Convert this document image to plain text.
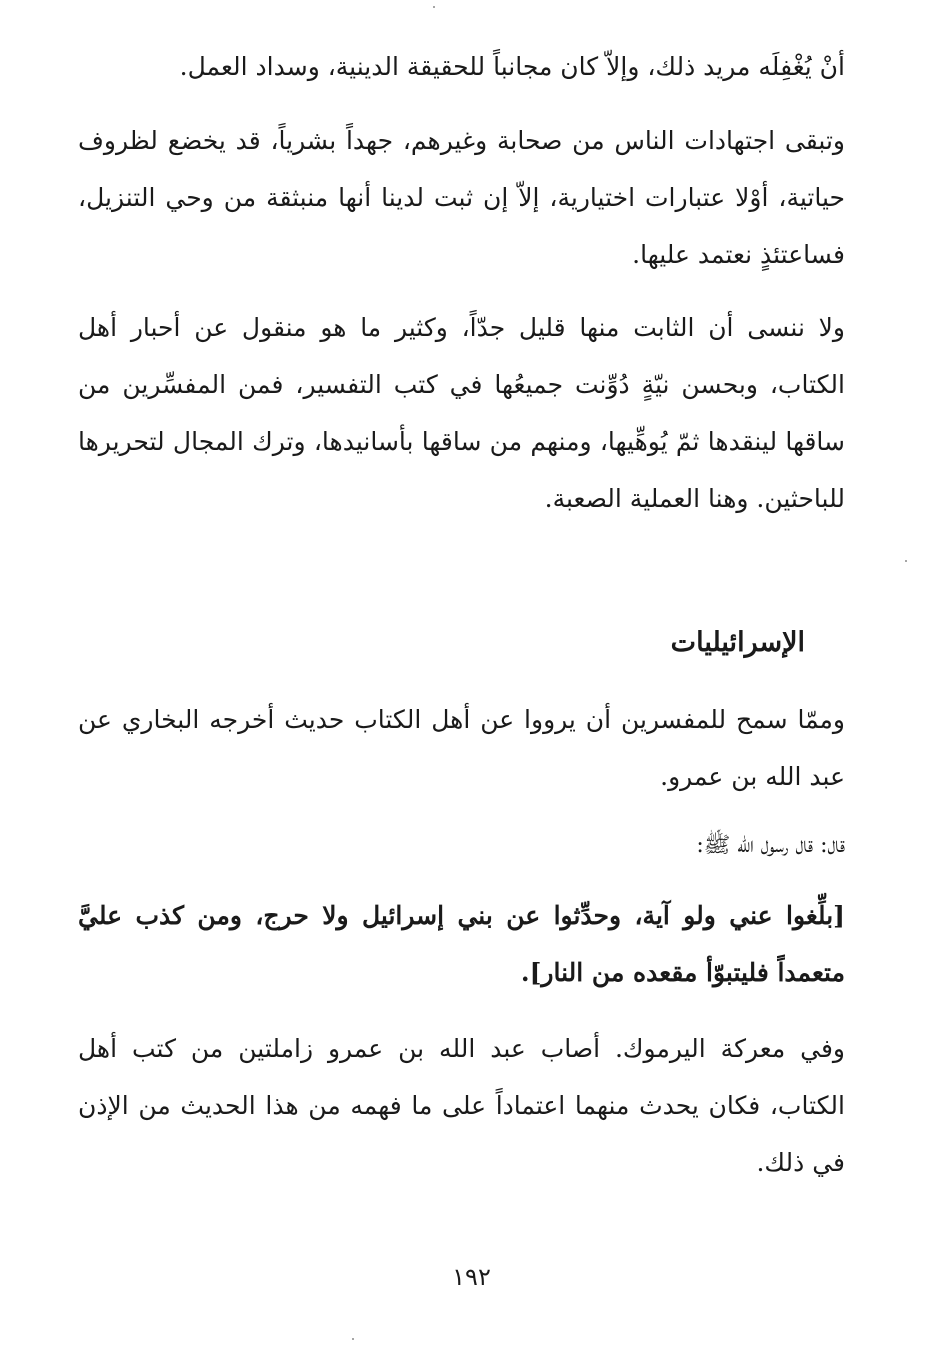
أنْ يُغْفِلَه مريد ذلك، وإلاّ كان مجانباً للحقيقة الدينية، وسداد العمل.

وتبقى اجتهادات الناس من صحابة وغيرهم، جهداً بشرياً، قد يخضع لظروف حياتية، أوْلا عتبارات اختيارية، إلاّ إن ثبت لدينا أنها منبثقة من وحي التنزيل، فساعتئذٍ نعتمد عليها.

ولا ننسى أن الثابت منها قليل جدّاً، وكثير ما هو منقول عن أحبار أهل الكتاب، وبحسن نيّةٍ دُوِّنت جميعُها في كتب التفسير، فمن المفسِّرين من ساقها لينقدها ثمّ يُوهِّيها، ومنهم من ساقها بأسانيدها، وترك المجال لتحريرها للباحثين. وهنا العملية الصعبة.

الإسرائيليات

وممّا سمح للمفسرين أن يرووا عن أهل الكتاب حديث أخرجه البخاري عن عبد الله بن عمرو.

قال: قال رسول الله ﷺ:

[بلِّغوا عني ولو آية، وحدِّثوا عن بني إسرائيل ولا حرج، ومن كذب عليَّ متعمداً فليتبوّأ مقعده من النار].

وفي معركة اليرموك. أصاب عبد الله بن عمرو زاملتين من كتب أهل الكتاب، فكان يحدث منهما اعتماداً على ما فهمه من هذا الحديث من الإذن في ذلك.

١٩٢
